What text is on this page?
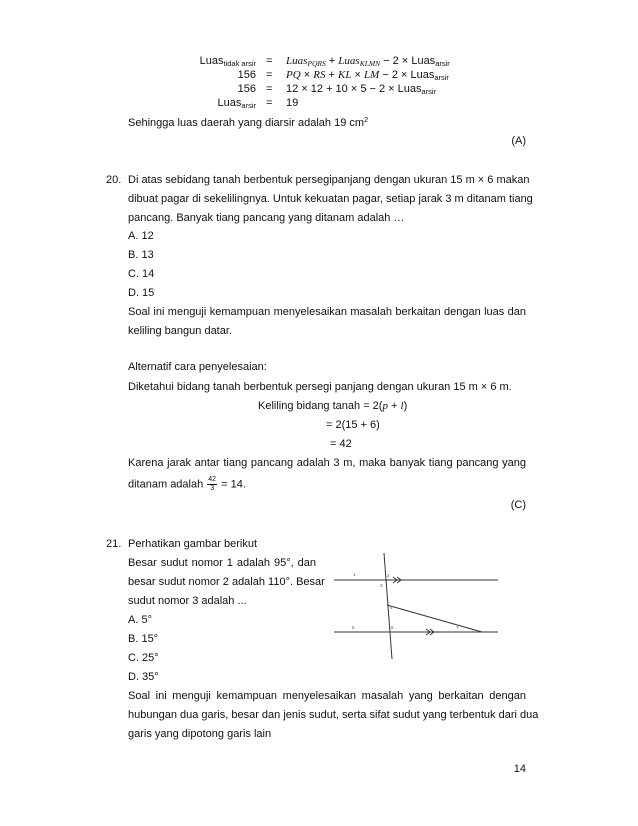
Luas$_{tidak arsir}$ = Luas$_{PQRS}$ + Luas$_{KLMN}$ − 2 × Luas$_{arsir}$
156 = PQ × RS + KL × LM − 2 × Luas$_{arsir}$
156 = 12 × 12 + 10 × 5 − 2 × Luas$_{arsir}$
Luas$_{arsir}$ = 19
Sehingga luas daerah yang diarsir adalah 19 $cm^2$
(A)
20. Di atas sebidang tanah berbentuk persegipanjang dengan ukuran 15 m × 6 makan
dibuat pagar di sekelilingnya. Untuk kekuatan pagar, setiap jarak 3 m ditanam tiang
pancang. Banyak tiang pancang yang ditanam adalah …
A. 12
B. 13
C. 14
D. 15
Soal ini menguji kemampuan menyelesaikan masalah berkaitan dengan luas dan
keliling bangun datar.
Alternatif cara penyelesaian:
Diketahui bidang tanah berbentuk persegi panjang dengan ukuran 15 m × 6 m.
Keliling bidang tanah = 2(p + l)
= 2(15 + 6)
= 42
Karena jarak antar tiang pancang adalah 3 m, maka banyak tiang pancang yang
ditanam adalah $\frac{42}{3} = 14$.
(C)
21. Perhatikan gambar berikut
Besar sudut nomor 1 adalah 95°, dan
besar sudut nomor 2 adalah 110°. Besar
sudut nomor 3 adalah ...
A. 5°
B. 15°
C. 25°
D. 35°
1	2
3
4
5	6	7
Soal ini menguji kemampuan menyelesaikan masalah yang berkaitan dengan
hubungan dua garis, besar dan jenis sudut, serta sifat sudut yang terbentuk dari dua
garis yang dipotong garis lain
14
